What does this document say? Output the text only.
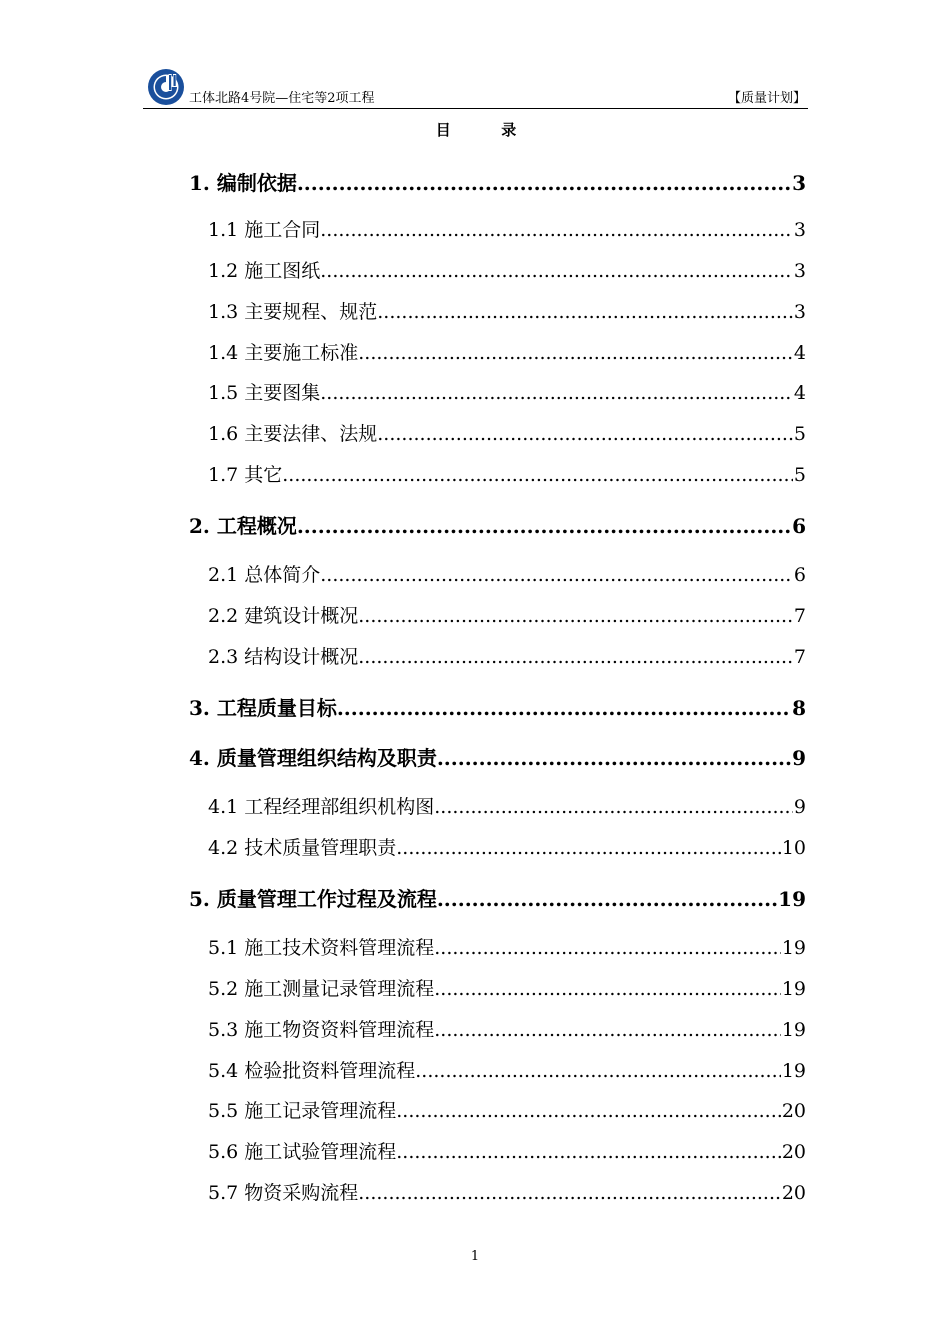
工体北路4号院—住宅等2项工程	【质量计划】
目	录
1. 编制依据 .....	3
1.1 施工合同 .....	3
1.2 施工图纸 .....	3
1.3 主要规程、规范 .....	3
1.4 主要施工标准 .....	4
1.5 主要图集 .....	4
1.6 主要法律、法规 .....	5
1.7 其它 .....	5
2. 工程概况 .....	6
2.1 总体简介 .....	6
2.2 建筑设计概况 .....	7
2.3 结构设计概况 .....	7
3. 工程质量目标 .....	8
4. 质量管理组织结构及职责 .....	9
4.1 工程经理部组织机构图 .....	9
4.2 技术质量管理职责 .....	10
5. 质量管理工作过程及流程 .....	19
5.1 施工技术资料管理流程 .....	19
5.2 施工测量记录管理流程 .....	19
5.3 施工物资资料管理流程 .....	19
5.4 检验批资料管理流程 .....	19
5.5 施工记录管理流程 .....	20
5.6 施工试验管理流程 .....	20
5.7 物资采购流程 .....	20
1
